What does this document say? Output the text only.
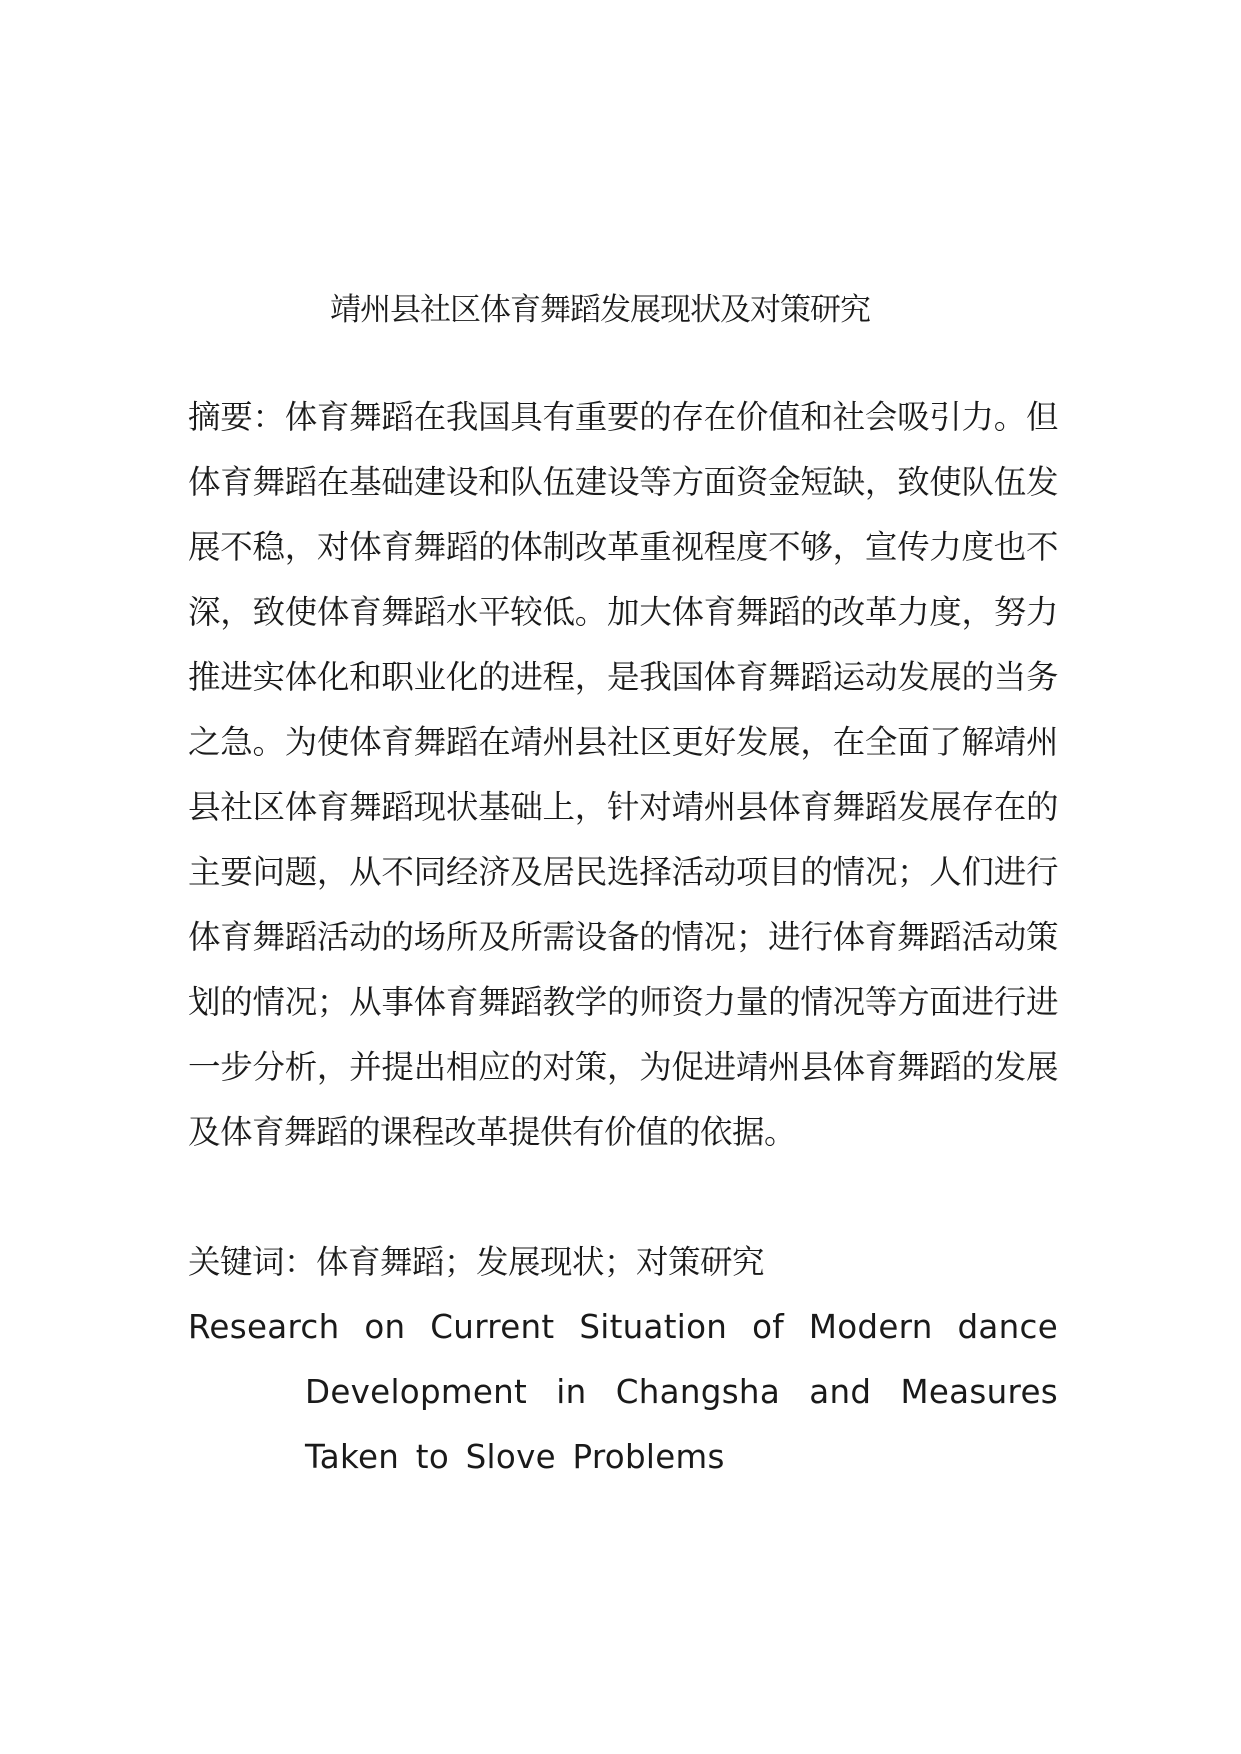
靖州县社区体育舞蹈发展现状及对策研究

摘要：体育舞蹈在我国具有重要的存在价值和社会吸引力。但体育舞蹈在基础建设和队伍建设等方面资金短缺，致使队伍发展不稳，对体育舞蹈的体制改革重视程度不够，宣传力度也不深，致使体育舞蹈水平较低。加大体育舞蹈的改革力度，努力推进实体化和职业化的进程，是我国体育舞蹈运动发展的当务之急。为使体育舞蹈在靖州县社区更好发展，在全面了解靖州县社区体育舞蹈现状基础上，针对靖州县体育舞蹈发展存在的主要问题，从不同经济及居民选择活动项目的情况；人们进行体育舞蹈活动的场所及所需设备的情况；进行体育舞蹈活动策划的情况；从事体育舞蹈教学的师资力量的情况等方面进行进一步分析，并提出相应的对策，为促进靖州县体育舞蹈的发展及体育舞蹈的课程改革提供有价值的依据。

关键词：体育舞蹈；发展现状；对策研究

Research on Current Situation of Modern dance Development in Changsha and Measures Taken to Slove Problems
